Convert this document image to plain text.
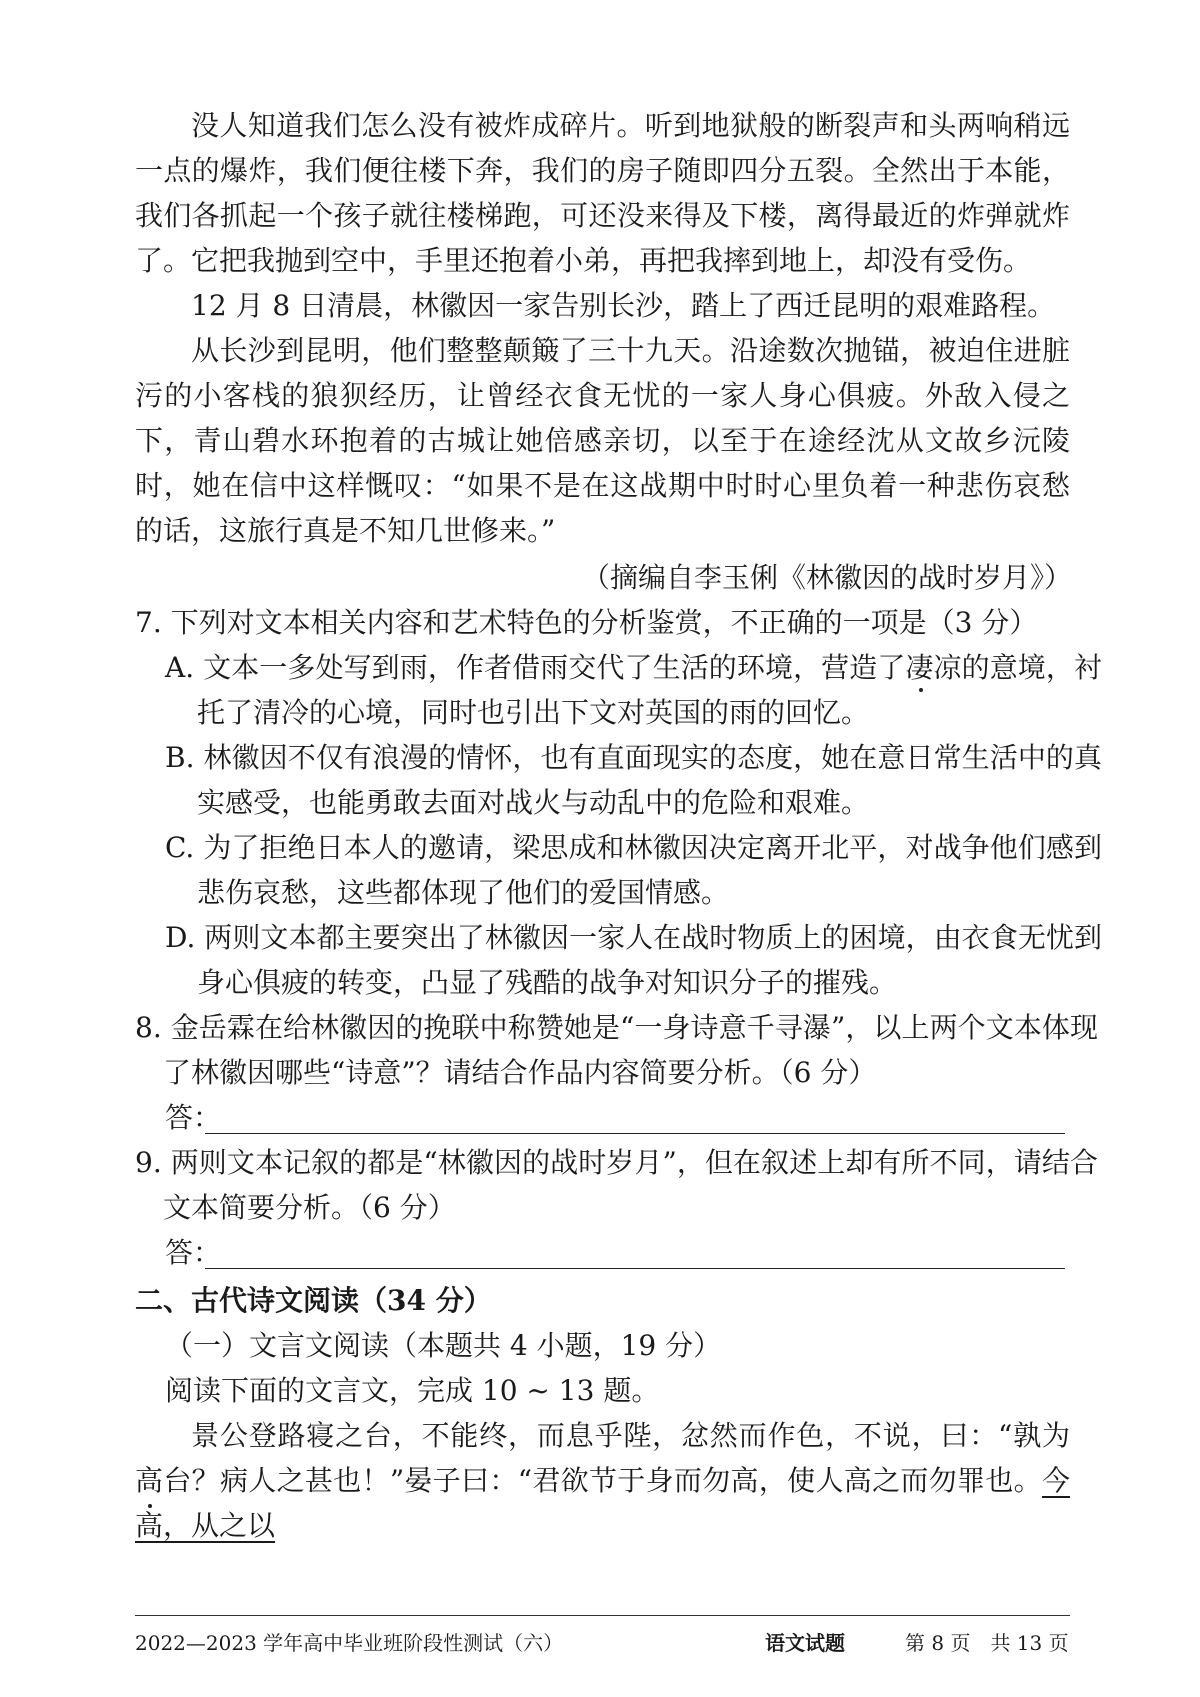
没人知道我们怎么没有被炸成碎片。听到地狱般的断裂声和头两响稍远一点的爆炸，我们便往楼下奔，我们的房子随即四分五裂。全然出于本能，我们各抓起一个孩子就往楼梯跑，可还没来得及下楼，离得最近的炸弹就炸了。它把我抛到空中，手里还抱着小弟，再把我摔到地上，却没有受伤。

12 月 8 日清晨，林徽因一家告别长沙，踏上了西迁昆明的艰难路程。

从长沙到昆明，他们整整颠簸了三十九天。沿途数次抛锚，被迫住进脏污的小客栈的狼狈经历，让曾经衣食无忧的一家人身心俱疲。外敌入侵之下，青山碧水环抱着的古城让她倍感亲切，以至于在途经沈从文故乡沅陵时，她在信中这样慨叹：“如果不是在这战期中时时心里负着一种悲伤哀愁的话，这旅行真是不知几世修来。”

（摘编自李玉俐《林徽因的战时岁月》）

7. 下列对文本相关内容和艺术特色的分析鉴赏，不正确的一项是（3 分）

A. 文本一多处写到雨，作者借雨交代了生活的环境，营造了凄凉的意境，衬托了清冷的心境，同时也引出下文对英国的雨的回忆。

B. 林徽因不仅有浪漫的情怀，也有直面现实的态度，她在意日常生活中的真实感受，也能勇敢去面对战火与动乱中的危险和艰难。

C. 为了拒绝日本人的邀请，梁思成和林徽因决定离开北平，对战争他们感到悲伤哀愁，这些都体现了他们的爱国情感。

D. 两则文本都主要突出了林徽因一家人在战时物质上的困境，由衣食无忧到身心俱疲的转变，凸显了残酷的战争对知识分子的摧残。

8. 金岳霖在给林徽因的挽联中称赞她是“一身诗意千寻瀑”，以上两个文本体现了林徽因哪些“诗意”？请结合作品内容简要分析。（6 分）

答：

9. 两则文本记叙的都是“林徽因的战时岁月”，但在叙述上却有所不同，请结合文本简要分析。（6 分）

答：

二、古代诗文阅读（34 分）

（一）文言文阅读（本题共 4 小题，19 分）

阅读下面的文言文，完成 10 ~ 13 题。

景公登路寝之台，不能终，而息乎陛，忿然而作色，不说，曰：“孰为高台？病人之甚也！”晏子曰：“君欲节于身而勿高，使人高之而勿罪也。今高，从之以

2022—2023 学年高中毕业班阶段性测试（六）	语文试题	第 8 页　共 13 页
